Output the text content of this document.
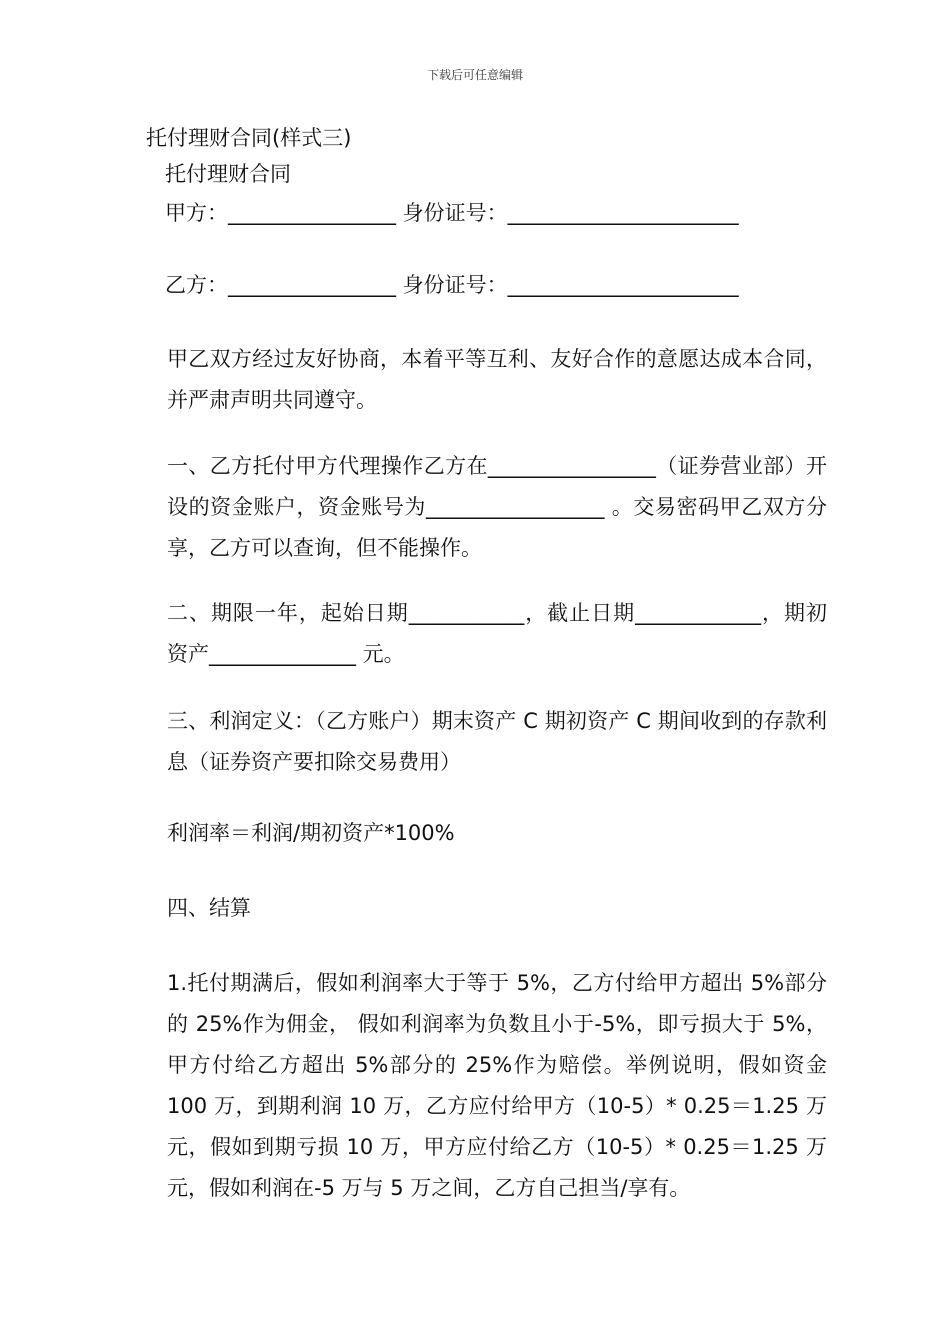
下载后可任意编辑
托付理财合同(样式三)
托付理财合同
甲方：________________ 身份证号：______________________
乙方：________________ 身份证号：______________________

甲乙双方经过友好协商，本着平等互利、友好合作的意愿达成本合同，并严肃声明共同遵守。

一、乙方托付甲方代理操作乙方在________________（证券营业部）开设的资金账户，资金账号为_________________ 。交易密码甲乙双方分享，乙方可以查询，但不能操作。

二、期限一年，起始日期___________，截止日期____________，期初资产______________ 元。

三、利润定义：（乙方账户）期末资产 C 期初资产 C 期间收到的存款利息（证券资产要扣除交易费用）

利润率＝利润/期初资产*100%

四、结算

1.托付期满后，假如利润率大于等于 5%，乙方付给甲方超出 5%部分的 25%作为佣金， 假如利润率为负数且小于-5%，即亏损大于 5%，甲方付给乙方超出 5%部分的 25%作为赔偿。举例说明，假如资金 100 万，到期利润 10 万，乙方应付给甲方（10-5）* 0.25＝1.25 万元，假如到期亏损 10 万，甲方应付给乙方（10-5）* 0.25＝1.25 万元，假如利润在-5 万与 5 万之间，乙方自己担当/享有。
